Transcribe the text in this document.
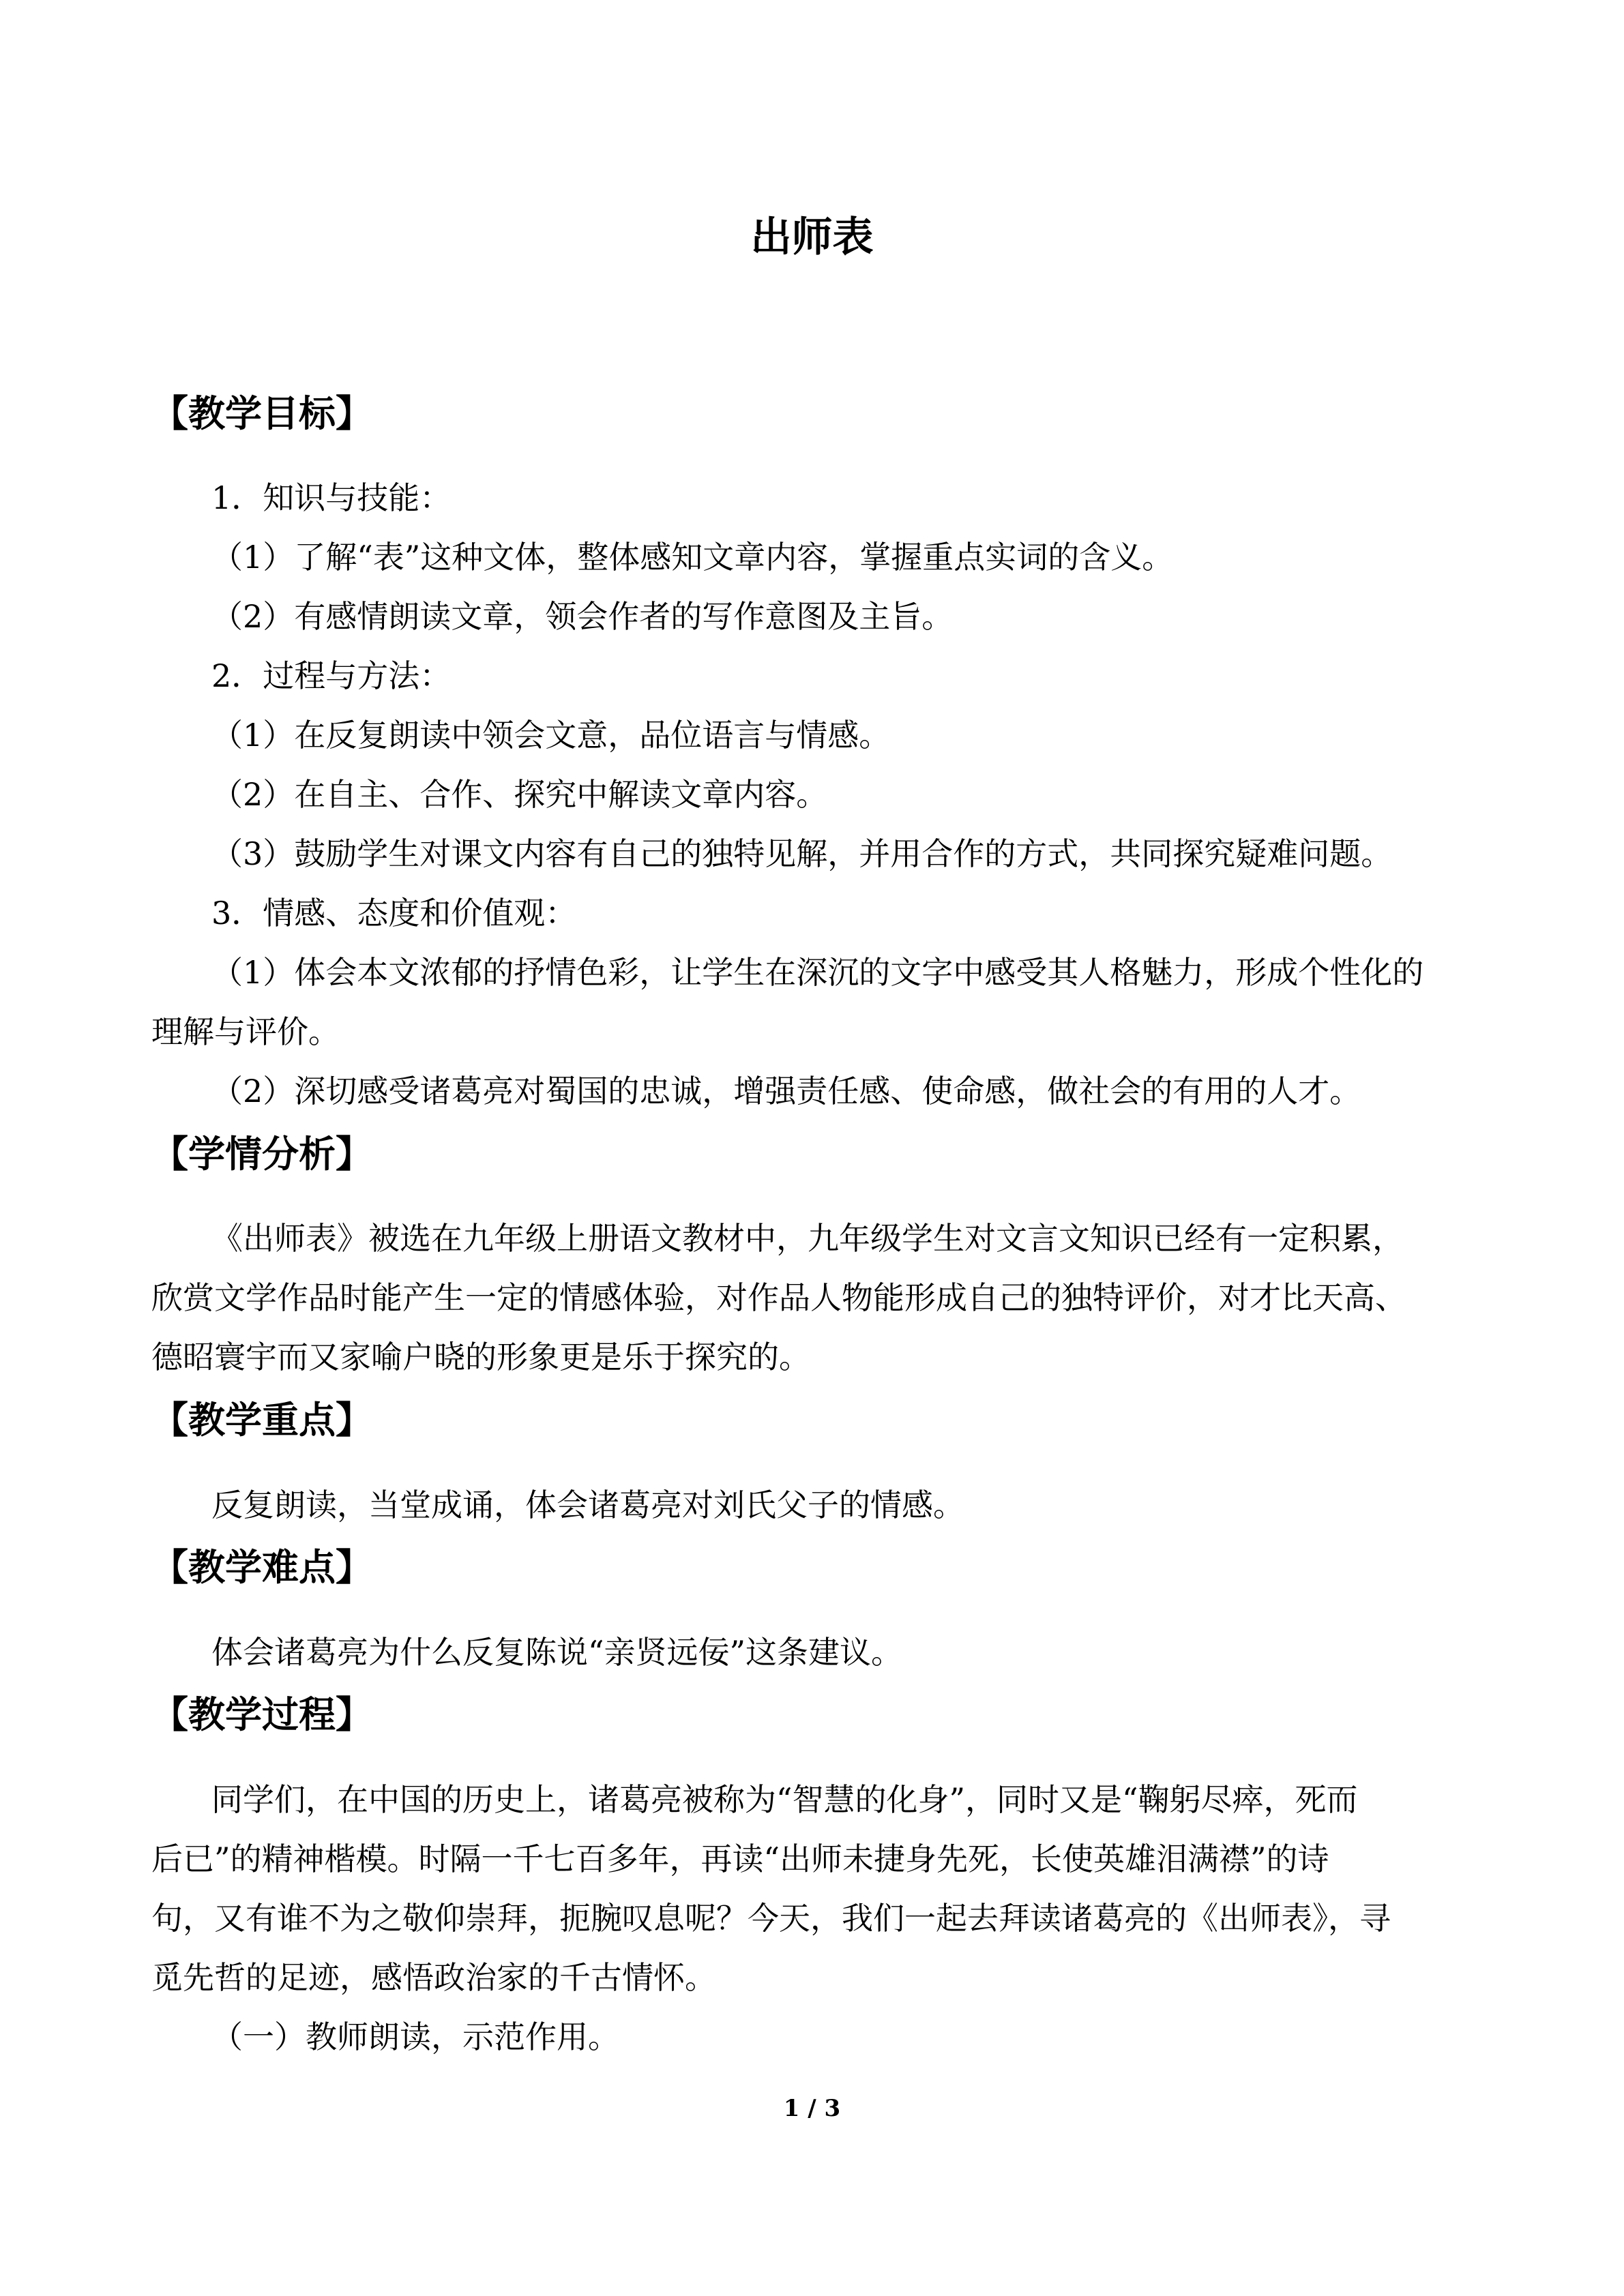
出师表
【教学目标】
1．知识与技能：
（1）了解“表”这种文体，整体感知文章内容，掌握重点实词的含义。
（2）有感情朗读文章，领会作者的写作意图及主旨。
2．过程与方法：
（1）在反复朗读中领会文意，品位语言与情感。
（2）在自主、合作、探究中解读文章内容。
（3）鼓励学生对课文内容有自己的独特见解，并用合作的方式，共同探究疑难问题。
3．情感、态度和价值观：
（1）体会本文浓郁的抒情色彩，让学生在深沉的文字中感受其人格魅力，形成个性化的
理解与评价。
（2）深切感受诸葛亮对蜀国的忠诚，增强责任感、使命感，做社会的有用的人才。
【学情分析】
《出师表》被选在九年级上册语文教材中，九年级学生对文言文知识已经有一定积累，
欣赏文学作品时能产生一定的情感体验，对作品人物能形成自己的独特评价，对才比天高、
德昭寰宇而又家喻户晓的形象更是乐于探究的。
【教学重点】
反复朗读，当堂成诵，体会诸葛亮对刘氏父子的情感。
【教学难点】
体会诸葛亮为什么反复陈说“亲贤远佞”这条建议。
【教学过程】
同学们，在中国的历史上，诸葛亮被称为“智慧的化身”，同时又是“鞠躬尽瘁，死而
后已”的精神楷模。时隔一千七百多年，再读“出师未捷身先死，长使英雄泪满襟”的诗
句，又有谁不为之敬仰崇拜，扼腕叹息呢？今天，我们一起去拜读诸葛亮的《出师表》，寻
觅先哲的足迹，感悟政治家的千古情怀。
（一）教师朗读，示范作用。
1 / 3
